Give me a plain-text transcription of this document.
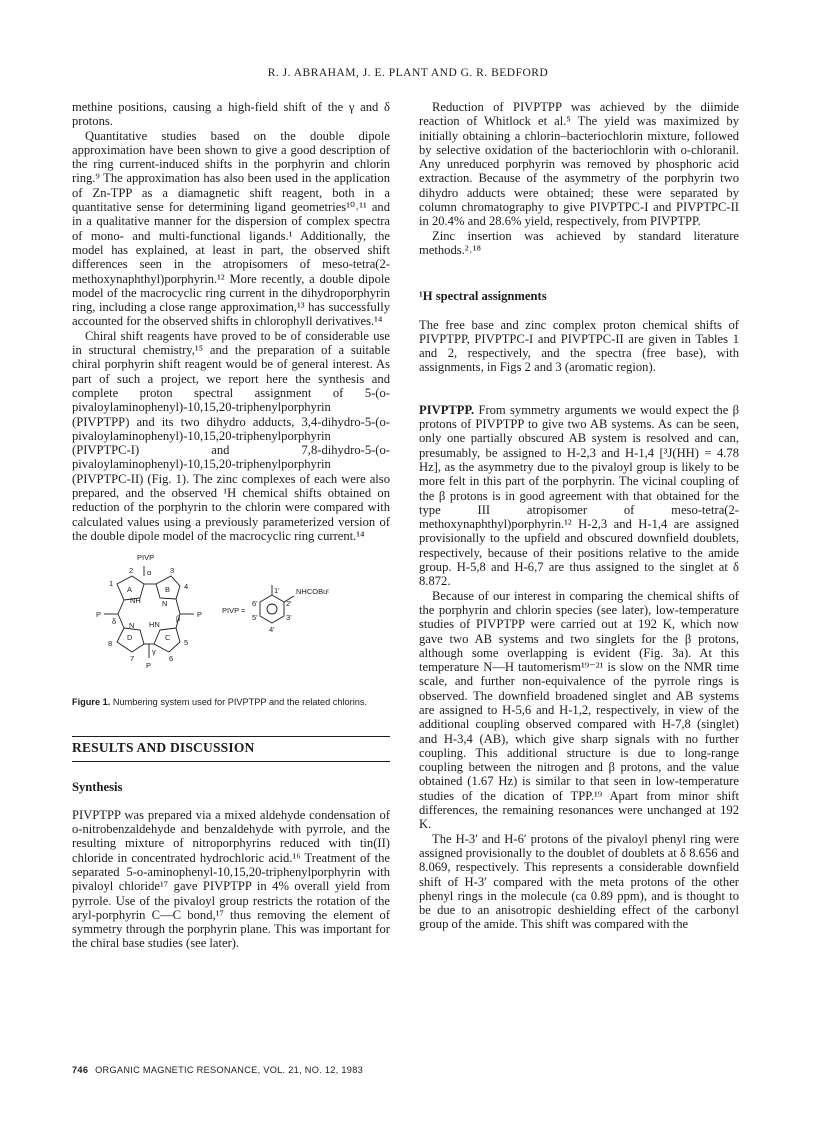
R. J. ABRAHAM, J. E. PLANT AND G. R. BEDFORD

methine positions, causing a high-field shift of the γ and δ protons.

Quantitative studies based on the double dipole approximation have been shown to give a good description of the ring current-induced shifts in the porphyrin and chlorin ring.⁹ The approximation has also been used in the application of Zn-TPP as a diamagnetic shift reagent, both in a quantitative sense for determining ligand geometries¹⁰˒¹¹ and in a qualitative manner for the dispersion of complex spectra of mono- and multi-functional ligands.¹ Additionally, the model has explained, at least in part, the observed shift differences seen in the atropisomers of meso-tetra(2-methoxynaphthyl)porphyrin.¹² More recently, a double dipole model of the macrocyclic ring current in the dihydroporphyrin ring, including a close range approximation,¹³ has successfully accounted for the observed shifts in chlorophyll derivatives.¹⁴

Chiral shift reagents have proved to be of considerable use in structural chemistry,¹⁵ and the preparation of a suitable chiral porphyrin shift reagent would be of general interest. As part of such a project, we report here the synthesis and complete proton spectral assignment of 5-(o-pivaloylaminophenyl)-10,15,20-triphenylporphyrin (PIVPTPP) and its two dihydro adducts, 3,4-dihydro-5-(o-pivaloylaminophenyl)-10,15,20-triphenylporphyrin (PIVPTPC-I) and 7,8-dihydro-5-(o-pivaloylaminophenyl)-10,15,20-triphenylporphyrin (PIVPTPC-II) (Fig. 1). The zinc complexes of each were also prepared, and the observed ¹H chemical shifts obtained on reduction of the porphyrin to the chlorin were compared with calculated values using a previously parameterized version of the double dipole model of the macrocyclic ring current.¹⁴

PIVP
2 α 3
1	4
A	B
NH	N
P	P
δ	β
N HN
D	C
8	5
γ
7	6
P
PIVP =
NHCOBuᵗ
1'
2'
3'
4'
5'
6'
Figure 1. Numbering system used for PIVPTPP and the related chlorins.
RESULTS AND DISCUSSION
Synthesis

PIVPTPP was prepared via a mixed aldehyde condensation of o-nitrobenzaldehyde and benzaldehyde with pyrrole, and the resulting mixture of nitroporphyrins reduced with tin(II) chloride in concentrated hydrochloric acid.¹⁶ Treatment of the separated 5-o-aminophenyl-10,15,20-triphenylporphyrin with pivaloyl chloride¹⁷ gave PIVPTPP in 4% overall yield from pyrrole. Use of the pivaloyl group restricts the rotation of the aryl-porphyrin C—C bond,¹⁷ thus removing the element of symmetry through the porphyrin plane. This was important for the chiral base studies (see later).

Reduction of PIVPTPP was achieved by the diimide reaction of Whitlock et al.⁵ The yield was maximized by initially obtaining a chlorin–bacteriochlorin mixture, followed by selective oxidation of the bacteriochlorin with o-chloranil. Any unreduced porphyrin was removed by phosphoric acid extraction. Because of the asymmetry of the porphyrin two dihydro adducts were obtained; these were separated by column chromatography to give PIVPTPC-I and PIVPTPC-II in 20.4% and 28.6% yield, respectively, from PIVPTPP.

Zinc insertion was achieved by standard literature methods.²˒¹⁸

¹H spectral assignments

The free base and zinc complex proton chemical shifts of PIVPTPP, PIVPTPC-I and PIVPTPC-II are given in Tables 1 and 2, respectively, and the spectra (free base), with assignments, in Figs 2 and 3 (aromatic region).

PIVPTPP. From symmetry arguments we would expect the β protons of PIVPTPP to give two AB systems. As can be seen, only one partially obscured AB system is resolved and can, presumably, be assigned to H-2,3 and H-1,4 [³J(HH) = 4.78 Hz], as the asymmetry due to the pivaloyl group is likely to be more felt in this part of the porphyrin. The vicinal coupling of the β protons is in good agreement with that obtained for the type III atropisomer of meso-tetra(2-methoxynaphthyl)porphyrin.¹² H-2,3 and H-1,4 are assigned provisionally to the upfield and obscured downfield doublets, respectively, because of their positions relative to the amide group. H-5,8 and H-6,7 are thus assigned to the singlet at δ 8.872.

Because of our interest in comparing the chemical shifts of the porphyrin and chlorin species (see later), low-temperature studies of PIVPTPP were carried out at 192 K, which now gave two AB systems and two singlets for the β protons, although some overlapping is evident (Fig. 3a). At this temperature N—H tautomerism¹⁹⁻²¹ is slow on the NMR time scale, and further non-equivalence of the pyrrole rings is observed. The downfield broadened singlet and AB systems are assigned to H-5,6 and H-1,2, respectively, in view of the additional coupling observed compared with H-7,8 (singlet) and H-3,4 (AB), which give sharp signals with no further coupling. This additional structure is due to long-range coupling between the nitrogen and β protons, and the value obtained (1.67 Hz) is similar to that seen in low-temperature studies of the dication of TPP.¹⁹ Apart from minor shift differences, the remaining resonances were unchanged at 192 K.

The H-3′ and H-6′ protons of the pivaloyl phenyl ring were assigned provisionally to the doublet of doublets at δ 8.656 and 8.069, respectively. This represents a considerable downfield shift of H-3′ compared with the meta protons of the other phenyl rings in the molecule (ca 0.89 ppm), and is thought to be due to an anisotropic deshielding effect of the carbonyl group of the amide. This shift was compared with the

746 ORGANIC MAGNETIC RESONANCE, VOL. 21, NO. 12, 1983
